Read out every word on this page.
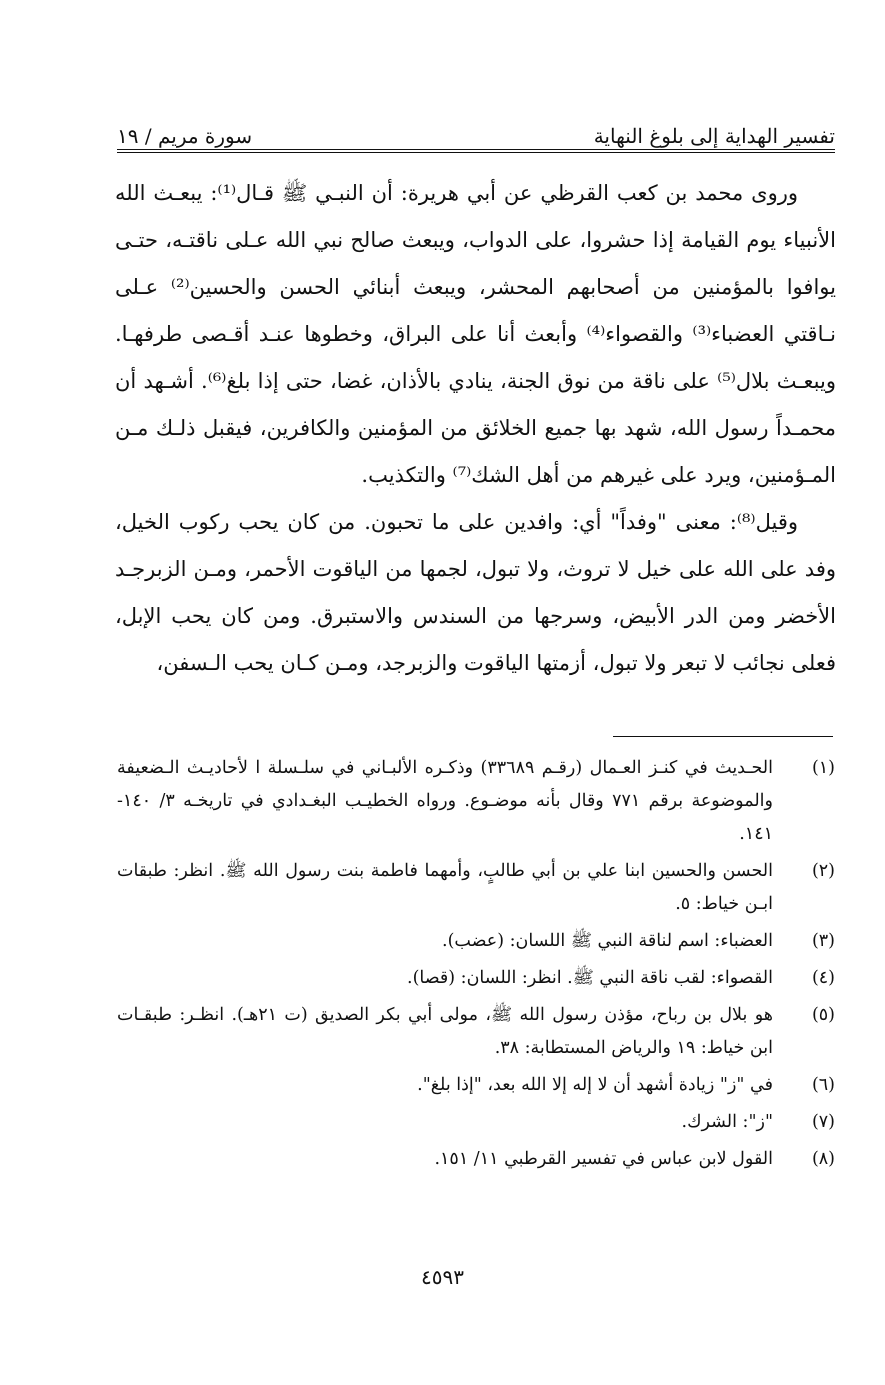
تفسير الهداية إلى بلوغ النهاية
سورة مريم / ١٩

وروى محمد بن كعب القرظي عن أبي هريرة: أن النبـي ﷺ قـال⁽¹⁾: يبعـث الله الأنبياء يوم القيامة إذا حشروا، على الدواب، ويبعث صالح نبي الله عـلى ناقتـه، حتـى يوافوا بالمؤمنين من أصحابهم المحشر، ويبعث أبنائي الحسن والحسين⁽²⁾ عـلى نـاقتي العضباء⁽³⁾ والقصواء⁽⁴⁾ وأبعث أنا على البراق، وخطوها عنـد أقـصى طرفهـا. ويبعـث بلال⁽⁵⁾ على ناقة من نوق الجنة، ينادي بالأذان، غضا، حتى إذا بلغ⁽⁶⁾. أشـهد أن محمـداً رسول الله، شهد بها جميع الخلائق من المؤمنين والكافرين، فيقبل ذلـك مـن المـؤمنين، ويرد على غيرهم من أهل الشك⁽⁷⁾ والتكذيب.

وقيل⁽⁸⁾: معنى "وفداً" أي: وافدين على ما تحبون. من كان يحب ركوب الخيل، وفد على الله على خيل لا تروث، ولا تبول، لجمها من الياقوت الأحمر، ومـن الزبرجـد الأخضر ومن الدر الأبيض، وسرجها من السندس والاستبرق. ومن كان يحب الإبل، فعلى نجائب لا تبعر ولا تبول، أزمتها الياقوت والزبرجد، ومـن كـان يحب الـسفن،

(١)
الحـديث في كنـز العـمال (رقـم ٣٣٦٨٩) وذكـره الألبـاني في سلـسلة ا لأحاديـث الـضعيفة والموضوعة برقم ٧٧١ وقال بأنه موضـوع. ورواه الخطيـب البغـدادي في تاريخـه ٣/ ١٤٠- ١٤١.
(٢)
الحسن والحسين ابنا علي بن أبي طالبٍ، وأمهما فاطمة بنت رسول الله ﷺ. انظر: طبقات ابـن خياط: ٥.
(٣)
العضباء: اسم لناقة النبي ﷺ اللسان: (عضب).
(٤)
القصواء: لقب ناقة النبي ﷺ. انظر: اللسان: (قصا).
(٥)
هو بلال بن رباح، مؤذن رسول الله ﷺ، مولى أبي بكر الصديق (ت ٢١هـ). انظـر: طبقـات ابن خياط: ١٩ والرياض المستطابة: ٣٨.
(٦)
في "ز" زيادة أشهد أن لا إله إلا الله بعد، "إذا بلغ".
(٧)
"ز": الشرك.
(٨)
القول لابن عباس في تفسير القرطبي ١١/ ١٥١.
٤٥٩٣
